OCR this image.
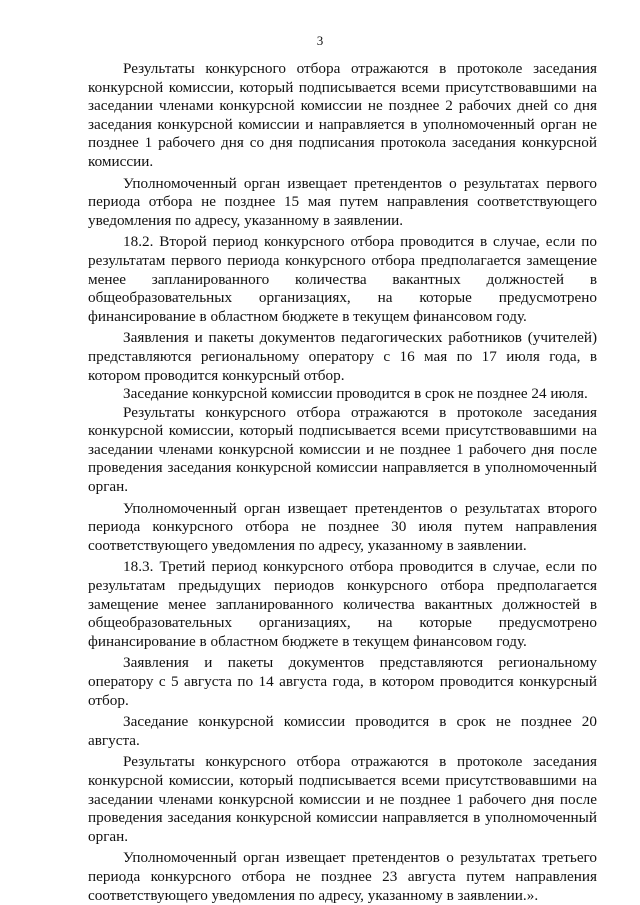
3

Результаты конкурсного отбора отражаются в протоколе заседания конкурсной комиссии, который подписывается всеми присутствовавшими на заседании членами конкурсной комиссии не позднее 2 рабочих дней со дня заседания конкурсной комиссии и направляется в уполномоченный орган не позднее 1 рабочего дня со дня подписания протокола заседания конкурсной комиссии.

Уполномоченный орган извещает претендентов о результатах первого периода отбора не позднее 15 мая путем направления соответствующего уведомления по адресу, указанному в заявлении.

18.2. Второй период конкурсного отбора проводится в случае, если по результатам первого периода конкурсного отбора предполагается замещение менее запланированного количества вакантных должностей в общеобразовательных организациях, на которые предусмотрено финансирование в областном бюджете в текущем финансовом году.

Заявления и пакеты документов педагогических работников (учителей) представляются региональному оператору с 16 мая по 17 июля года, в котором проводится конкурсный отбор.

Заседание конкурсной комиссии проводится в срок не позднее 24 июля.

Результаты конкурсного отбора отражаются в протоколе заседания конкурсной комиссии, который подписывается всеми присутствовавшими на заседании членами конкурсной комиссии и не позднее 1 рабочего дня после проведения заседания конкурсной комиссии направляется в уполномоченный орган.

Уполномоченный орган извещает претендентов о результатах второго периода конкурсного отбора не позднее 30 июля путем направления соответствующего уведомления по адресу, указанному в заявлении.

18.3. Третий период конкурсного отбора проводится в случае, если по результатам предыдущих периодов конкурсного отбора предполагается замещение менее запланированного количества вакантных должностей в общеобразовательных организациях, на которые предусмотрено финансирование в областном бюджете в текущем финансовом году.

Заявления и пакеты документов представляются региональному оператору с 5 августа по 14 августа года, в котором проводится конкурсный отбор.

Заседание конкурсной комиссии проводится в срок не позднее 20 августа.

Результаты конкурсного отбора отражаются в протоколе заседания конкурсной комиссии, который подписывается всеми присутствовавшими на заседании членами конкурсной комиссии и не позднее 1 рабочего дня после проведения заседания конкурсной комиссии направляется в уполномоченный орган.

Уполномоченный орган извещает претендентов о результатах третьего периода конкурсного отбора не позднее 23 августа путем направления соответствующего уведомления по адресу, указанному в заявлении.».
